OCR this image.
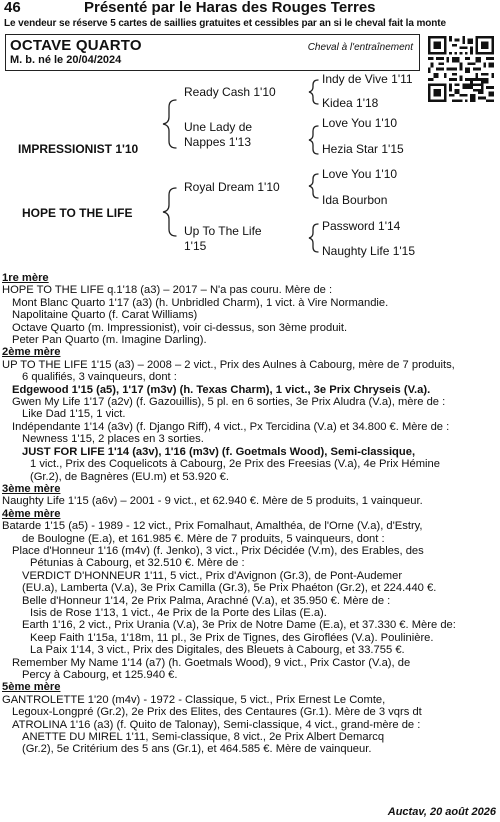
46	Présenté par le Haras des Rouges Terres
Le vendeur se réserve 5 cartes de saillies gratuites et cessibles par an si le cheval fait la monte
OCTAVE QUARTO
M. b. né le 20/04/2024
Cheval à l'entraînement
IMPRESSIONIST 1'10
HOPE TO THE LIFE
Ready Cash 1'10
Une Lady de Nappes 1'13
Royal Dream 1'10
Up To The Life 1'15
Indy de Vive 1'11
Kidea 1'18
Love You 1'10
Hezia Star 1'15
Love You 1'10
Ida Bourbon
Password 1'14
Naughty Life 1'15

1re mère

HOPE TO THE LIFE q.1'18 (a3) – 2017 – N'a pas couru. Mère de :

Mont Blanc Quarto 1'17 (a3) (h. Unbridled Charm), 1 vict. à Vire Normandie.

Napolitaine Quarto (f. Carat Williams)

Octave Quarto (m. Impressionist), voir ci-dessus, son 3ème produit.

Peter Pan Quarto (m. Imagine Darling).

2ème mère

UP TO THE LIFE 1'15 (a3) – 2008 – 2 vict., Prix des Aulnes à Cabourg, mère de 7 produits,

6 qualifiés, 3 vainqueurs, dont :

Edgewood 1'15 (a5), 1'17 (m3v) (h. Texas Charm), 1 vict., 3e Prix Chryseis (V.a).

Gwen My Life 1'17 (a2v) (f. Gazouillis), 5 pl. en 6 sorties, 3e Prix Aludra (V.a), mère de :

Like Dad 1'15, 1 vict.

Indépendante 1'14 (a3v) (f. Django Riff), 4 vict., Px Tercidina (V.a) et 34.800 €. Mère de :

Newness 1'15, 2 places en 3 sorties.

JUST FOR LIFE 1'14 (a3v), 1'16 (m3v) (f. Goetmals Wood), Semi-classique,

1 vict., Prix des Coquelicots à Cabourg, 2e Prix des Freesias (V.a), 4e Prix Hémine

(Gr.2), de Bagnères (EU.m) et 53.920 €.

3ème mère

Naughty Life 1'15 (a6v) – 2001 - 9 vict., et 62.940 €. Mère de 5 produits, 1 vainqueur.

4ème mère

Batarde 1'15 (a5) - 1989 - 12 vict., Prix Fomalhaut, Amalthéa, de l'Orne (V.a), d'Estry,

de Boulogne (E.a), et 161.985 €. Mère de 7 produits, 5 vainqueurs, dont :

Place d'Honneur 1'16 (m4v) (f. Jenko), 3 vict., Prix Décidée (V.m), des Erables, des

Pétunias à Cabourg, et 32.510 €. Mère de :

VERDICT D'HONNEUR 1'11, 5 vict., Prix d'Avignon (Gr.3), de Pont-Audemer

(EU.a), Lamberta (V.a), 3e Prix Camilla (Gr.3), 5e Prix Phaéton (Gr.2), et 224.440 €.

Belle d'Honneur 1'14, 2e Prix Palma, Arachné (V.a), et 35.950 €. Mère de :

Isis de Rose 1'13, 1 vict., 4e Prix de la Porte des Lilas (E.a).

Earth 1'16, 2 vict., Prix Urania (V.a), 3e Prix de Notre Dame (E.a), et 37.330 €. Mère de:

Keep Faith 1'15a, 1'18m, 11 pl., 3e Prix de Tignes, des Giroflées (V.a). Poulinière.

La Paix 1'14, 3 vict., Prix des Digitales, des Bleuets à Cabourg, et 33.755 €.

Remember My Name 1'14 (a7) (h. Goetmals Wood), 9 vict., Prix Castor (V.a), de

Percy à Cabourg, et 125.940 €.

5ème mère

GANTROLETTE 1'20 (m4v) - 1972 - Classique, 5 vict., Prix Ernest Le Comte,

Legoux-Longpré (Gr.2), 2e Prix des Elites, des Centaures (Gr.1). Mère de 3 vqrs dt

ATROLINA 1'16 (a3) (f. Quito de Talonay), Semi-classique, 4 vict., grand-mère de :

ANETTE DU MIREL 1'11, Semi-classique, 8 vict., 2e Prix Albert Demarcq

(Gr.2), 5e Critérium des 5 ans (Gr.1), et 464.585 €. Mère de vainqueur.

Auctav, 20 août 2026
